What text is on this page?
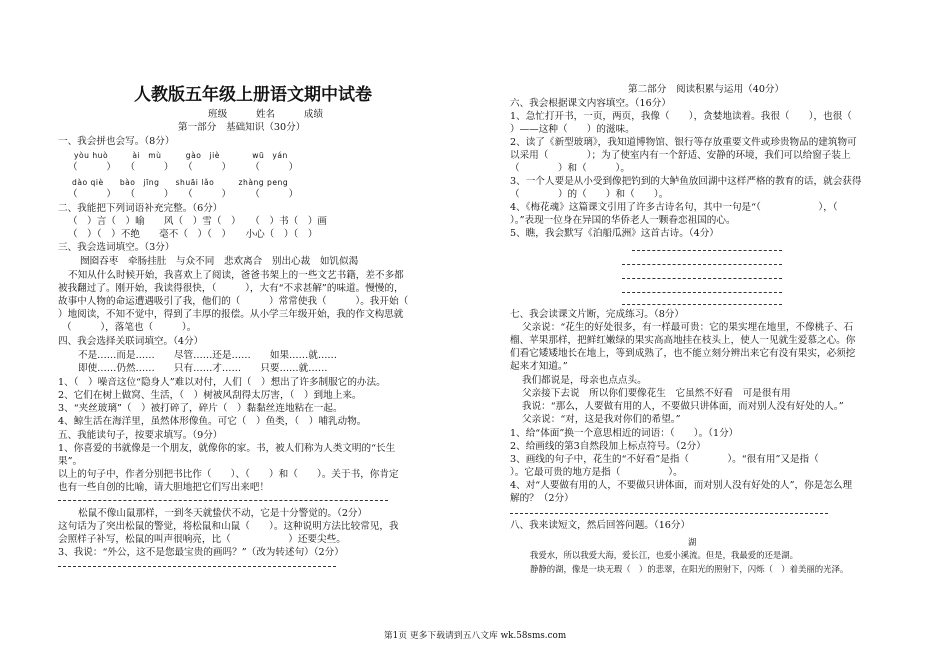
人教版五年级上册语文期中试卷
班级　　　姓名　　　成绩
第一部分　基础知识（30分）
一、我会拼也会写。（8分）
yòu huò　　　ài　mù　　　gào　jiè　　　　wū　yán
（　　　）　　（　　　）　　（　　　）　　　（　　　）
dào qiè　　bào　jīng　　shuāi lǎo　　　zhàng peng
（　　　）　　（　　　）　　（　　　）　　　（　　　）
二、我能把下列词语补充完整。（6分）
（　）言（　）喻　　风（　）雪（　）　　（　）书（　）画
（　）（　）不绝　　毫不（　）（　）　　小心（　）（　）
三、我会选词填空。（3分）
囫囵吞枣　牵肠挂肚　与众不同　悲欢离合　别出心裁　如饥似渴
不知从什么时候开始，我喜欢上了阅读，爸爸书架上的一些文艺书籍，差不多都
被我翻过了。刚开始，我读得很快，（　　　），大有“不求甚解”的味道。慢慢的，
故事中人物的命运遭遇吸引了我，他们的（　　　）常常使我（　　　）。我开始（
）地阅读，不知不觉中，得到了丰厚的报偿。从小学三年级开始，我的作文构思就
（　　　），落笔也（　　　）。
四、我会选择关联词填空。（4分）
不是……而是……　　尽管……还是……　　如果……就……
即使……仍然……　　只有……才……　　只要……就……
1、（　）噪音这位“隐身人”难以对付，人们（　）想出了许多制服它的办法。
2、它们在树上做窝、生活，（　）树被风刮得太厉害，（　）到地上来。
3、“夹丝玻璃”（　）被打碎了，碎片（　）黏黏丝连地粘在一起。
4、鲸生活在海洋里，虽然体形像鱼。可它（　）鱼类，（　）哺乳动物。
五、我能读句子，按要求填写。（9分）
1、你喜爱的书就像是一个朋友，就像你的家。书，被人们称为人类文明的“长生
果”。
以上的句子中，作者分别把书比作（　　）、（　　）和（　　）。关于书，你肯定
也有一些自创的比喻，请大胆地把它们写出来吧！
松鼠不像山鼠那样，一到冬天就蛰伏不动，它是十分警觉的。（2分）
这句话为了突出松鼠的警觉，将松鼠和山鼠（　　）。这种说明方法比较常见，我
会照样子补写，松鼠的叫声很响亮，比（　　　　　　）还要尖些。
3、我说：“外公，这不是您最宝贵的画吗？”（改为转述句）（2分）
第二部分　阅读积累与运用（40分）
六、我会根据课文内容填空。（16分）
1、急忙打开书，一页，两页，我像（　　），贪婪地读着。我很（　　），也很（
）——这种（　　）的滋味。
2、读了《新型玻璃》，我知道博物馆、银行等存放重要文件或珍贵物品的建筑物可
以采用（　　　　）；为了使室内有一个舒适、安静的环境，我们可以给窗子装上
（　　　　）和（　　　）。
3、一个人要是从小受到像把钓到的大鲈鱼放回湖中这样严格的教育的话，就会获得
（　　　　）的（　　）和（　　）。
4、《梅花魂》这篇课文引用了许多古诗名句，其中一句是“（　　　　　　），（
）。”表现一位身在异国的华侨老人一颗眷恋祖国的心。
5、瞧，我会默写《泊船瓜洲》这首古诗。（4分）
七、我会读课文片断，完成练习。（8分）
父亲说：“花生的好处很多，有一样最可贵：它的果实埋在地里，不像桃子、石
榴、苹果那样，把鲜红嫩绿的果实高高地挂在枝头上，使人一见就生爱慕之心。你
们看它矮矮地长在地上，等到成熟了，也不能立刻分辨出来它有没有果实，必须挖
起来才知道。”
我们都说是，母亲也点点头。
父亲接下去说　所以你们要像花生　它虽然不好看　可是很有用
我说：“那么，人要做有用的人，不要做只讲体面，而对别人没有好处的人。”
父亲说：“对，这是我对你们的希望。”
1、给“体面”换一个意思相近的词语：（　　）。（1分）
2、给画线的第3自然段加上标点符号。（2分）
3、画线的句子中，花生的“不好看”是指（　　　　）。“很有用”又是指（
）。它最可贵的地方是指（　　　　　）。
4、对“人要做有用的人，不要做只讲体面，而对别人没有好处的人”，你是怎么理
解的？（2分）
八、我来读短文，然后回答问题。（16分）
湖
我爱水，所以我爱大海，爱长江，也爱小溪流。但是，我最爱的还是湖。
静静的湖，像是一块无瑕（　）的悲翠，在阳光的照射下，闪烁（　）着美丽的光泽。
第1页 更多下载请到五八文库 wk.58sms.com
